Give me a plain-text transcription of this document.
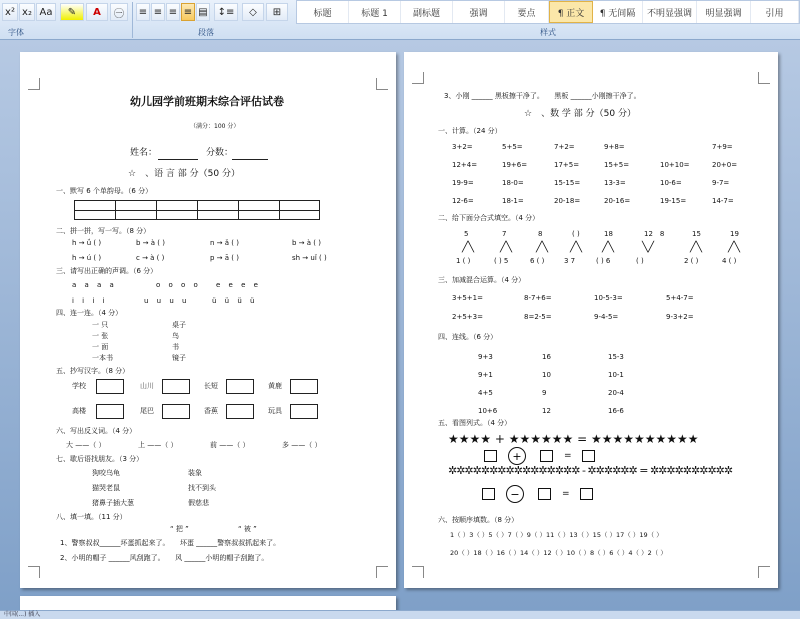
x² x₂ Aa	✎	A	㊀
字体
≡ ≡ ≡ ≡ ▤ ↕≡ ◇ ⊞
段落
标题	标题 1	副标题	强调	要点	¶ 正文	¶ 无间隔	不明显强调	明显强调	引用
样式
幼儿园学前班期末综合评估试卷
（满分：100 分）
姓名：	分数：
☆　、语 言 部 分（50 分）
一、默写 6 个单韵母。（6 分）
二、拼一拼，写一写。（8 分）
h → ǘ ( )	b → à ( )	n → ǎ ( )	b → à ( )
h → ú ( )	c → à ( )	p → ā ( )	sh → uǐ ( )
三、请写出正确的声调。（6 分）
a a a a	o o o o e e e e
i i i i	u u u u	ü ü ü ü
四、连一连。（4 分）
一 只
一 张
一 面
一本书
桌子
鸟
书
镜子
五、抄写汉字。（8 分）
学校	山川	长短	黄鹿
高楼	尾巴	香蕉	玩具
六、写出反义词。（4 分）
大 ——（ ）	上 ——（ ）	前 ——（ ）	多 ——（ ）
七、歇后语找朋友。（3 分）
狗咬乌龟
猫哭老鼠
猪鼻子插大葱
装象
找不到头
假慈悲
八、填一填。（11 分）
“ 把 ”	“ 被 ”
1、警察叔叔______坏蛋抓起来了。　　坏蛋 ______警察叔叔抓起来了。
2、小明的帽子 ______风刮跑了。　　风 ______小明的帽子刮跑了。
3、小刚 ______ 黑板擦干净了。　　黑板 ______小刚擦干净了。
☆　、数 学 部 分（50 分）
一、计算。（24 分）
二、给下面分合式填空。（4 分）
三、加减混合运算。（4 分）
四、连线。（6 分）
五、看图列式。（4 分）
★★★★ + ★★★★★★ = ★★★★★★★★★★
+	=
✲✲✲✲✲✲✲✲✲✲✲✲✲✲✲✲ - ✲✲✲✲✲✲ = ✲✲✲✲✲✲✲✲✲✲
−	=
六、按顺序填数。（8 分）
1（ ）3（ ）5（ ）7（ ）9（ ）11（ ）13（ ）15（ ）17（ ）19（ ）
20（ ）18（ ）16（ ）14（ ）12（ ）10（ ）8（ ）6（ ）4（ ）2（ ）
3+2=	5+5=	7+2=	9+8=	7+9=
12+4=	19+6=	17+5=	15+5=	10+10=	20+0=
19-9=	18-0=	15-15=	13-3=	10-6=	9-7=
12-6=	18-1=	20-18=	20-16=	19-15=	14-7=
5
╱╲
1 ( )
7
╱╲
( ) 5
8
╱╲
6 ( )
( )
╱╲
3 7
18
╱╲
( ) 6
12　8
╲╱
( )
15
╱╲
2 ( )
19
╱╲
4 ( )
3+5+1=	8-7+6=	10-5-3=	5+4-7=
2+5+3=	8=2-5=	9-4-5=	9-3+2=
9+3	16	15-3
9+1	10	10-1
4+5	9	20-4
10+6	12	16-6
中国(...) 插入
